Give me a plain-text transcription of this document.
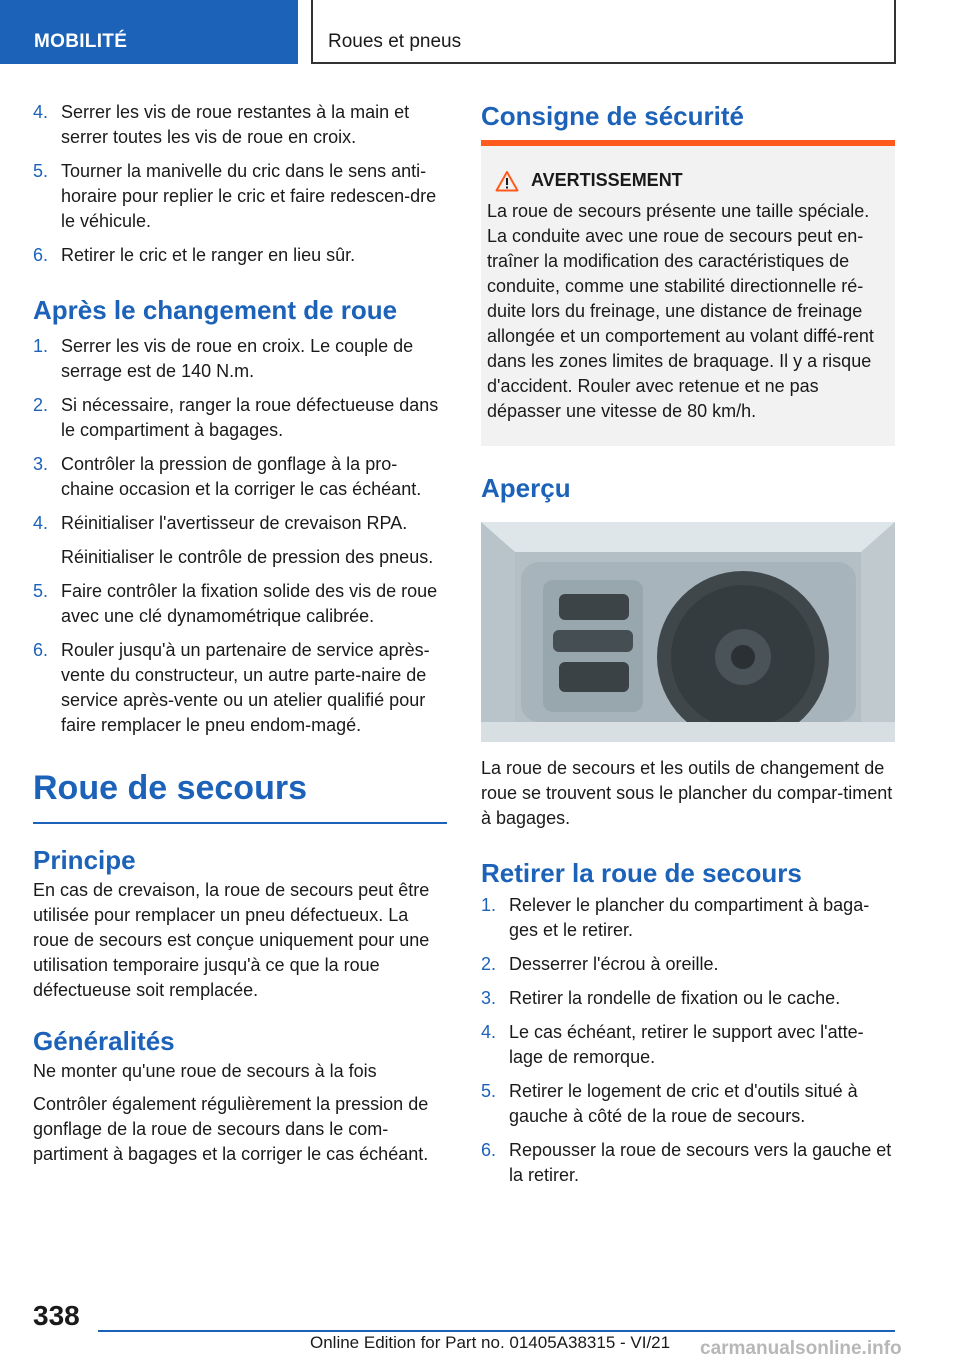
MOBILITÉ	Roues et pneus
4. Serrer les vis de roue restantes à la main et serrer toutes les vis de roue en croix.
5. Tourner la manivelle du cric dans le sens anti-horaire pour replier le cric et faire redescen-dre le véhicule.
6. Retirer le cric et le ranger en lieu sûr.
Après le changement de roue
1. Serrer les vis de roue en croix. Le couple de serrage est de 140 N.m.
2. Si nécessaire, ranger la roue défectueuse dans le compartiment à bagages.
3. Contrôler la pression de gonflage à la pro-chaine occasion et la corriger le cas échéant.
4. Réinitialiser l'avertisseur de crevaison RPA.
Réinitialiser le contrôle de pression des pneus.
5. Faire contrôler la fixation solide des vis de roue avec une clé dynamométrique calibrée.
6. Rouler jusqu'à un partenaire de service après-vente du constructeur, un autre parte-naire de service après-vente ou un atelier qualifié pour faire remplacer le pneu endom-magé.
Roue de secours
Principe

En cas de crevaison, la roue de secours peut être utilisée pour remplacer un pneu défectueux. La roue de secours est conçue uniquement pour une utilisation temporaire jusqu'à ce que la roue défectueuse soit remplacée.

Généralités

Ne monter qu'une roue de secours à la fois

Contrôler également régulièrement la pression de gonflage de la roue de secours dans le com-partiment à bagages et la corriger le cas échéant.

Consigne de sécurité
AVERTISSEMENT
La roue de secours présente une taille spéciale. La conduite avec une roue de secours peut en-traîner la modification des caractéristiques de conduite, comme une stabilité directionnelle ré-duite lors du freinage, une distance de freinage allongée et un comportement au volant diffé-rent dans les zones limites de braquage. Il y a risque d'accident. Rouler avec retenue et ne pas dépasser une vitesse de 80 km/h.
Aperçu

La roue de secours et les outils de changement de roue se trouvent sous le plancher du compar-timent à bagages.

Retirer la roue de secours
1. Relever le plancher du compartiment à baga-ges et le retirer.
2. Desserrer l'écrou à oreille.
3. Retirer la rondelle de fixation ou le cache.
4. Le cas échéant, retirer le support avec l'atte-lage de remorque.
5. Retirer le logement de cric et d'outils situé à gauche à côté de la roue de secours.
6. Repousser la roue de secours vers la gauche et la retirer.
338
Online Edition for Part no. 01405A38315 - VI/21 carmanualsonline.info
